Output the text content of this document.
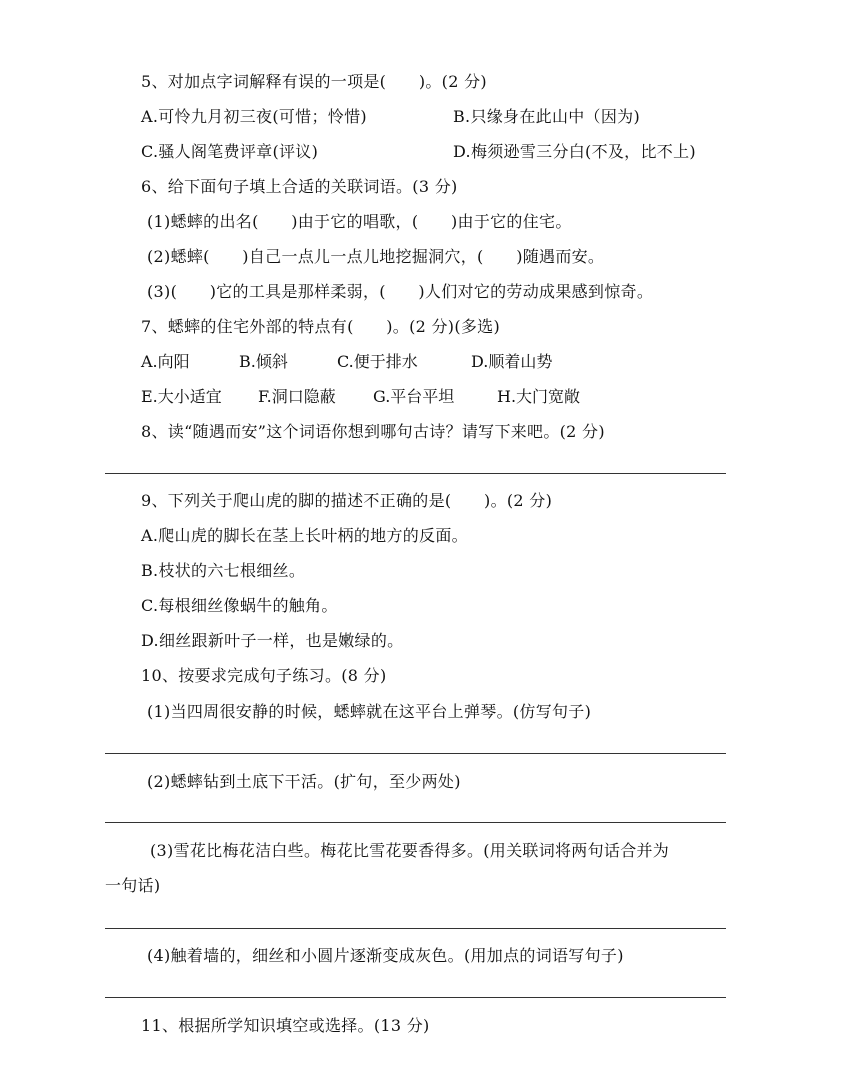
5、对加点字词解释有误的一项是(　　)。(2 分)
A.可怜九月初三夜(可惜；怜惜)	B.只缘身在此山中（因为)
C.骚人阁笔费评章(评议)	D.梅须逊雪三分白(不及，比不上)
6、给下面句子填上合适的关联词语。(3 分)
(1)蟋蟀的出名(　　)由于它的唱歌，(　　)由于它的住宅。
(2)蟋蟀(　　)自己一点儿一点儿地挖掘洞穴，(　　)随遇而安。
(3)(　　)它的工具是那样柔弱，(　　)人们对它的劳动成果感到惊奇。
7、蟋蟀的住宅外部的特点有(　　)。(2 分)(多选)
A.向阳	B.倾斜	C.便于排水	D.顺着山势
E.大小适宜 F.洞口隐蔽 G.平台平坦	H.大门宽敞
8、读“随遇而安”这个词语你想到哪句古诗？请写下来吧。(2 分)
9、下列关于爬山虎的脚的描述不正确的是(　　)。(2 分)
A.爬山虎的脚长在茎上长叶柄的地方的反面。
B.枝状的六七根细丝。
C.每根细丝像蜗牛的触角。
D.细丝跟新叶子一样，也是嫩绿的。
10、按要求完成句子练习。(8 分)
(1)当四周很安静的时候，蟋蟀就在这平台上弹琴。(仿写句子)
(2)蟋蟀钻到土底下干活。(扩句，至少两处)
(3)雪花比梅花洁白些。梅花比雪花要香得多。(用关联词将两句话合并为
一句话)
(4)触着墙的，细丝和小圆片逐渐变成灰色。(用加点的词语写句子)
11、根据所学知识填空或选择。(13 分)
